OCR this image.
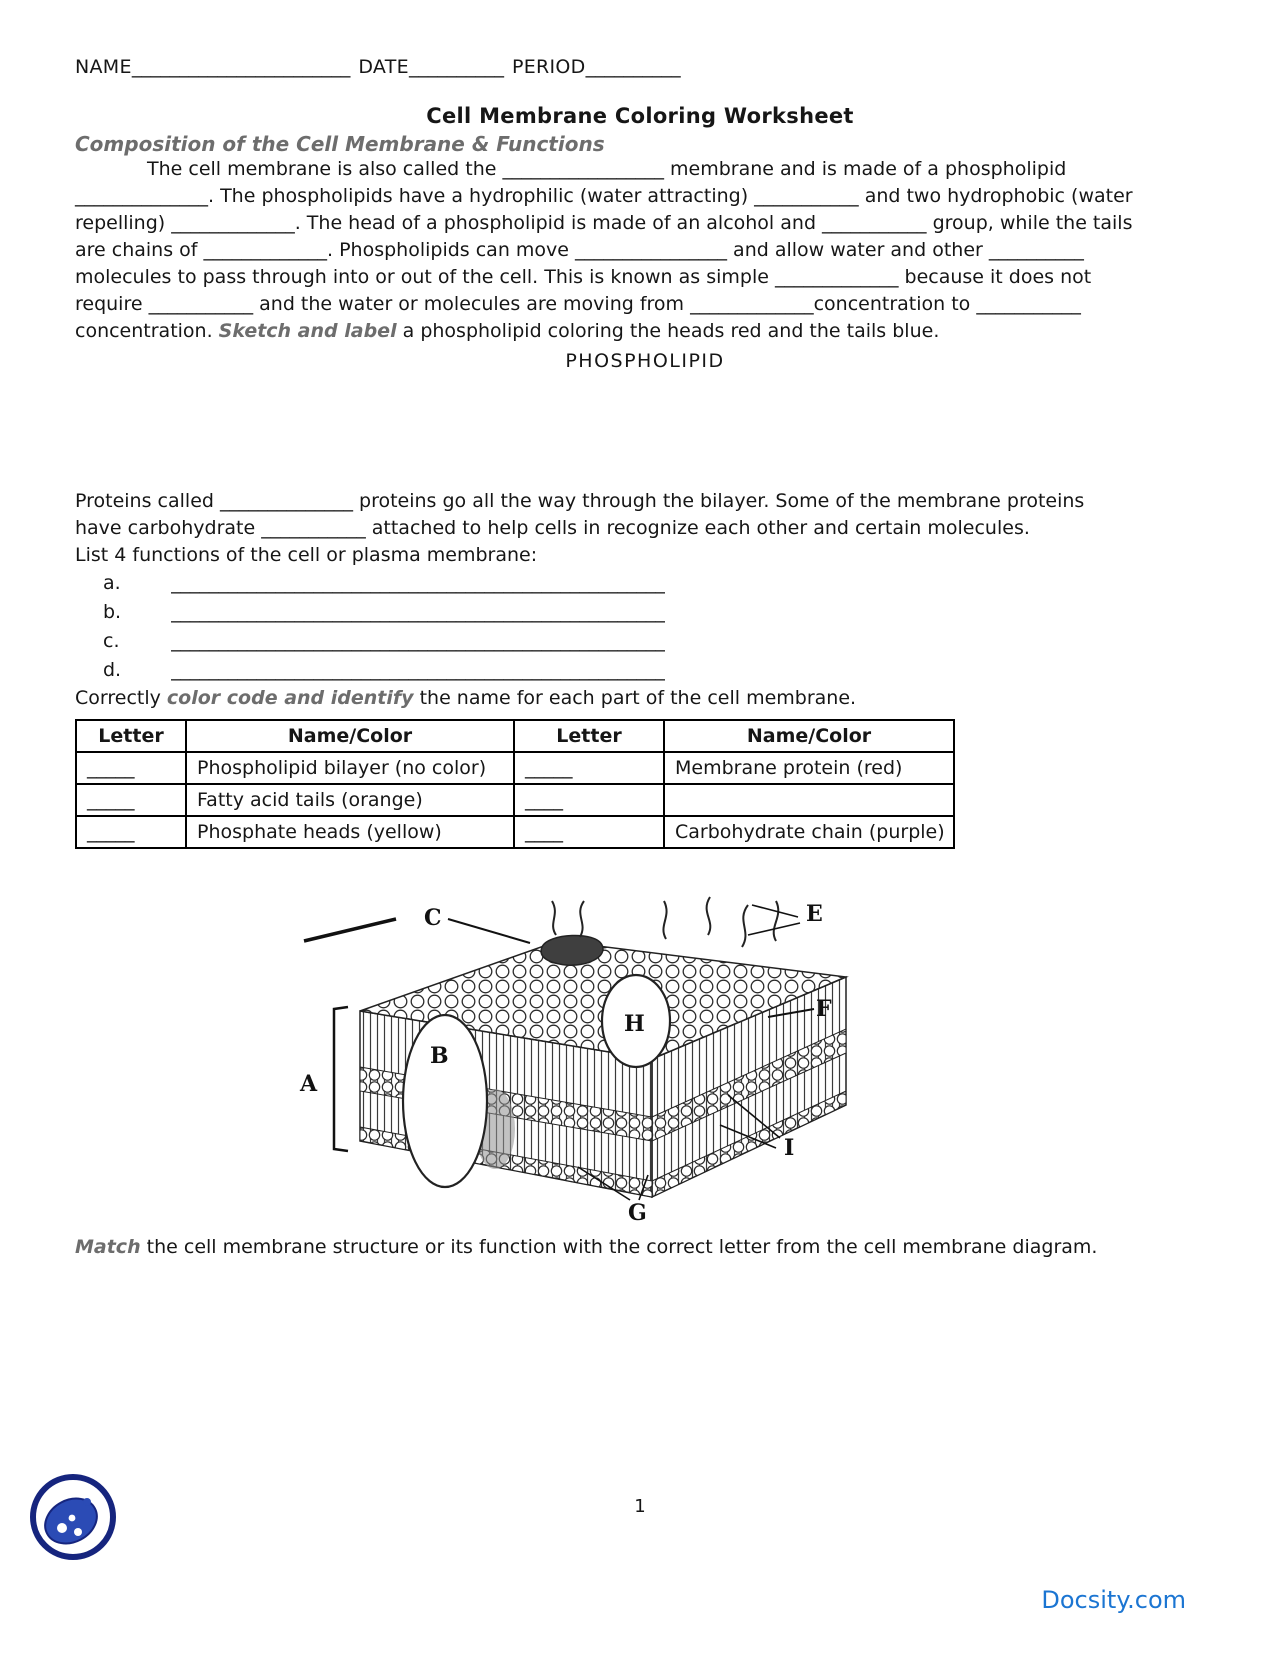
NAME_______________________ DATE__________ PERIOD__________
Cell Membrane Coloring Worksheet
Composition of the Cell Membrane & Functions

The cell membrane is also called the _________________ membrane and is made of a phospholipid ______________. The phospholipids have a hydrophilic (water attracting) ___________ and two hydrophobic (water repelling) _____________. The head of a phospholipid is made of an alcohol and ___________ group, while the tails are chains of _____________. Phospholipids can move ________________ and allow water and other __________ molecules to pass through into or out of the cell. This is known as simple _____________ because it does not require ___________ and the water or molecules are moving from _____________concentration to ___________ concentration. Sketch and label a phospholipid coloring the heads red and the tails blue.

PHOSPHOLIPID

Proteins called ______________ proteins go all the way through the bilayer. Some of the membrane proteins have carbohydrate ___________ attached to help cells in recognize each other and certain molecules.

List 4 functions of the cell or plasma membrane:

a.	____________________________________________________
b.	____________________________________________________
c.	____________________________________________________
d.	____________________________________________________

Correctly color code and identify the name for each part of the cell membrane.

Letter	Name/Color	Letter	Name/Color
_____	Phospholipid bilayer (no color)	_____	Membrane protein (red)
_____	Fatty acid tails (orange)	____	
_____	Phosphate heads (yellow)	____	Carbohydrate chain (purple)
C	E
F
A
B
H
I
G

Match the cell membrane structure or its function with the correct letter from the cell membrane diagram.

1
Docsity.com
